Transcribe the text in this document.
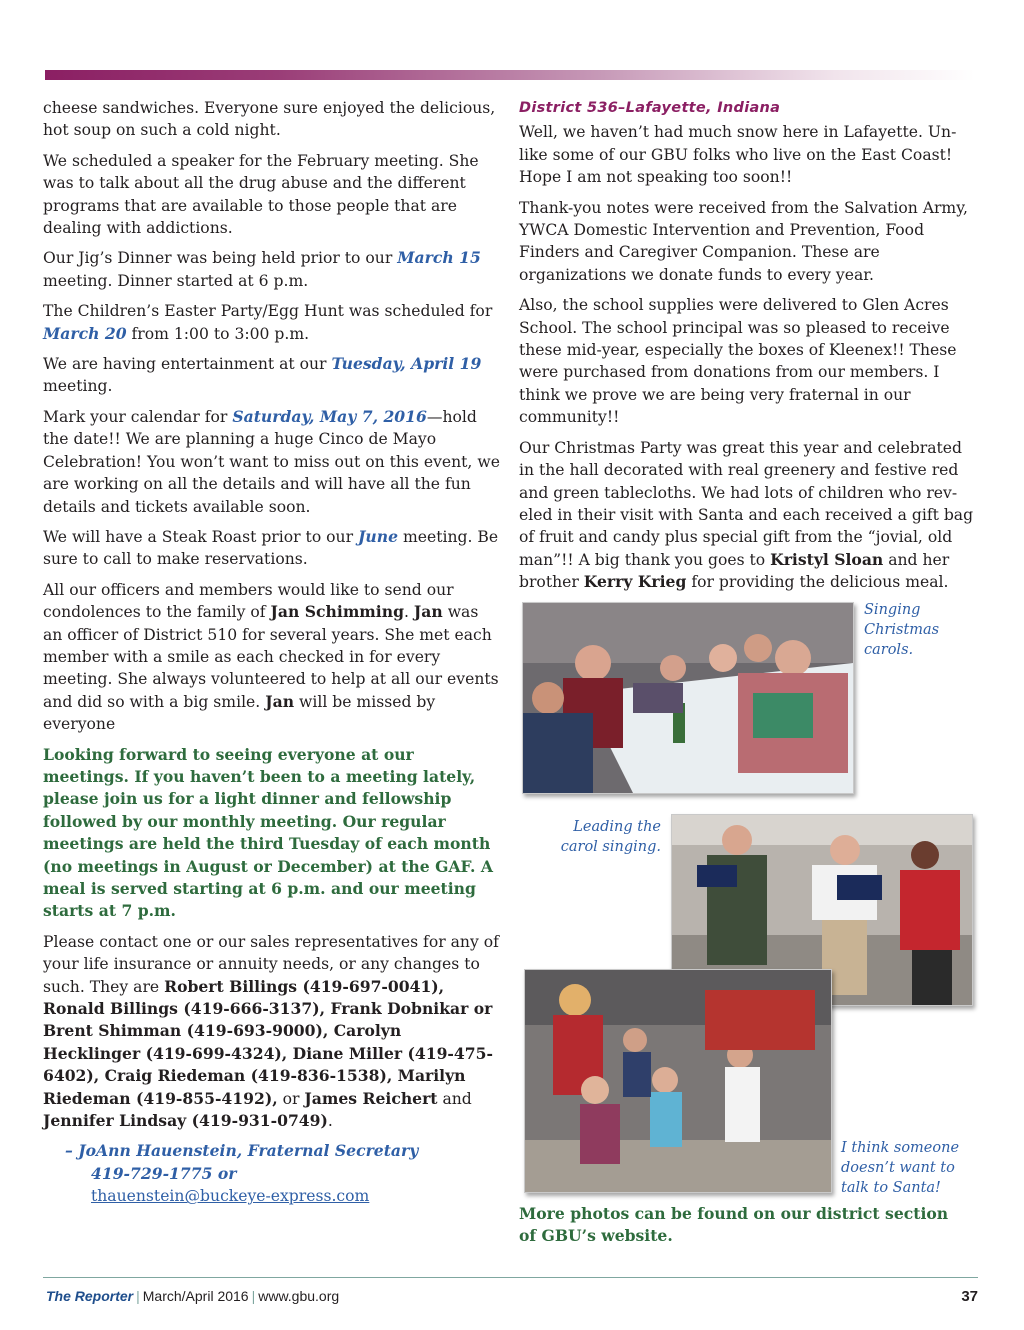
cheese sandwiches. Everyone sure enjoyed the delicious, hot soup on such a cold night.

We scheduled a speaker for the February meeting. She was to talk about all the drug abuse and the different programs that are available to those people that are dealing with addictions.

Our Jig’s Dinner was being held prior to our March 15 meeting. Dinner started at 6 p.m.

The Children’s Easter Party/Egg Hunt was scheduled for March 20 from 1:00 to 3:00 p.m.

We are having entertainment at our Tuesday, April 19 meeting.

Mark your calendar for Saturday, May 7, 2016—hold the date!! We are planning a huge Cinco de Mayo Celebration! You won’t want to miss out on this event, we are working on all the details and will have all the fun details and tickets available soon.

We will have a Steak Roast prior to our June meeting. Be sure to call to make reservations.

All our officers and members would like to send our condolences to the family of Jan Schimming. Jan was an officer of District 510 for several years. She met each member with a smile as each checked in for every meeting. She always volunteered to help at all our events and did so with a big smile. Jan will be missed by everyone

Looking forward to seeing everyone at our meetings. If you haven’t been to a meeting lately, please join us for a light dinner and fellowship followed by our monthly meeting. Our regular meetings are held the third Tuesday of each month (no meetings in August or December) at the GAF. A meal is served starting at 6 p.m. and our meeting starts at 7 p.m.

Please contact one or our sales representatives for any of your life insurance or annuity needs, or any changes to such. They are Robert Billings (419-697-0041), Ronald Billings (419-666-3137), Frank Dobnikar or Brent Shimman (419-693-9000), Carolyn Hecklinger (419-699-4324), Diane Miller (419-475-6402), Craig Riedeman (419-836-1538), Marilyn Riedeman (419-855-4192), or James Reichert and Jennifer Lindsay (419-931-0749).

– JoAnn Hauenstein, Fraternal Secretary
419-729-1775 or
thauenstein@buckeye-express.com
District 536–Lafayette, Indiana

Well, we haven’t had much snow here in Lafayette. Unlike some of our GBU folks who live on the East Coast! Hope I am not speaking too soon!!

Thank-you notes were received from the Salvation Army, YWCA Domestic Intervention and Prevention, Food Finders and Caregiver Companion. These are organizations we donate funds to every year.

Also, the school supplies were delivered to Glen Acres School. The school principal was so pleased to receive these mid-year, especially the boxes of Kleenex!! These were purchased from donations from our members. I think we prove we are being very fraternal in our community!!

Our Christmas Party was great this year and celebrated in the hall decorated with real greenery and festive red and green tablecloths. We had lots of children who reveled in their visit with Santa and each received a gift bag of fruit and candy plus special gift from the “jovial, old man”!! A big thank you goes to Kristyl Sloan and her brother Kerry Krieg for providing the delicious meal.

Singing Christmas carols.
Leading the carol singing.
I think someone doesn’t want to talk to Santa!
More photos can be found on our district section of GBU’s website.
The Reporter | March/April 2016 | www.gbu.org	37
